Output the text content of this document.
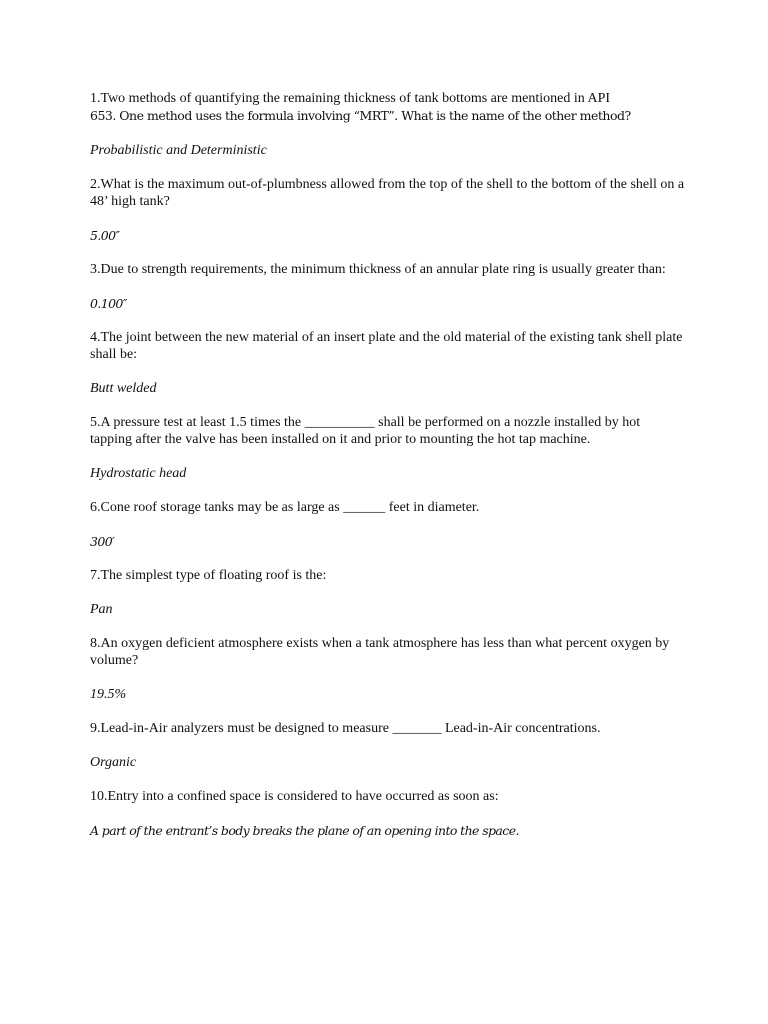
1.Two methods of quantifying the remaining thickness of tank bottoms are mentioned in API
653. One method uses the formula involving “MRT”. What is the name of the other method?

Probabilistic and Deterministic

2.What is the maximum out-of-plumbness allowed from the top of the shell to the bottom of the shell on a 48’ high tank?

5.00″

3.Due to strength requirements, the minimum thickness of an annular plate ring is usually greater than:

0.100″

4.The joint between the new material of an insert plate and the old material of the existing tank shell plate shall be:

Butt welded

5.A pressure test at least 1.5 times the __________ shall be performed on a nozzle installed by hot tapping after the valve has been installed on it and prior to mounting the hot tap machine.

Hydrostatic head

6.Cone roof storage tanks may be as large as ______ feet in diameter.

300′

7.The simplest type of floating roof is the:

Pan

8.An oxygen deficient atmosphere exists when a tank atmosphere has less than what percent oxygen by volume?

19.5%

9.Lead-in-Air analyzers must be designed to measure _______ Lead-in-Air concentrations.

Organic

10.Entry into a confined space is considered to have occurred as soon as:

A part of the entrant’s body breaks the plane of an opening into the space.
